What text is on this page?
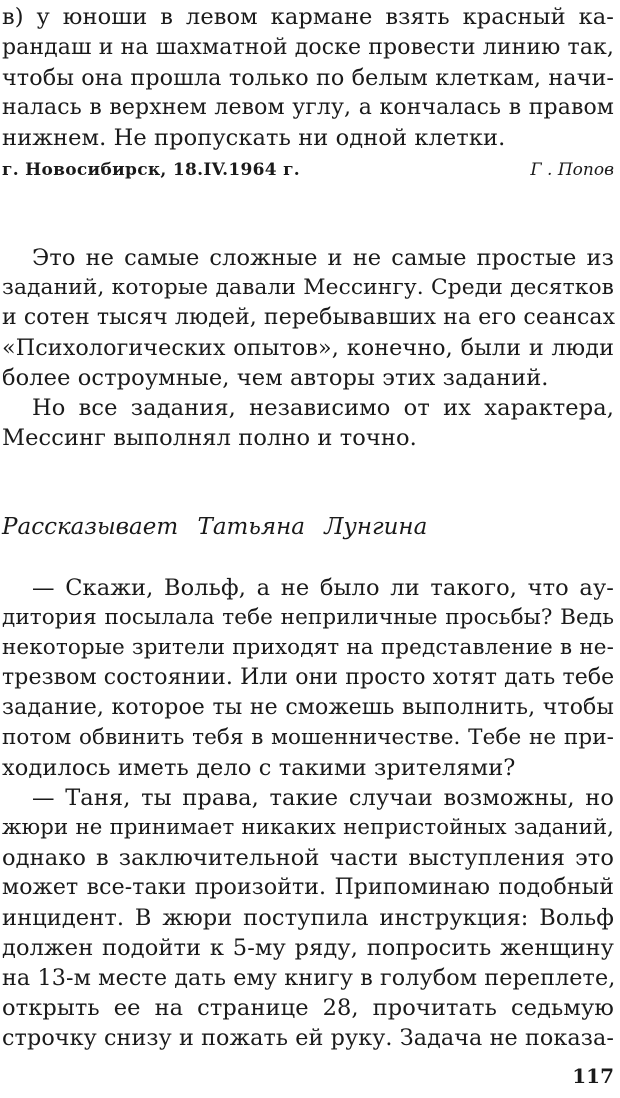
в) у юноши в левом кармане взять красный ка-
рандаш и на шахматной доске провести линию так,
чтобы она прошла только по белым клеткам, начи-
налась в верхнем левом углу, а кончалась в правом
нижнем. Не пропускать ни одной клетки.
г. Новосибирск, 18.IV.1964 г.	Г . Попов
Это не самые сложные и не самые простые из
заданий, которые давали Мессингу. Среди десятков
и сотен тысяч людей, перебывавших на его сеансах
«Психологических опытов», конечно, были и люди
более остроумные, чем авторы этих заданий.
Но все задания, независимо от их характера,
Мессинг выполнял полно и точно.
Рассказывает Татьяна Лунгина
— Скажи, Вольф, а не было ли такого, что ау-
дитория посылала тебе неприличные просьбы? Ведь
некоторые зрители приходят на представление в не-
трезвом состоянии. Или они просто хотят дать тебе
задание, которое ты не сможешь выполнить, чтобы
потом обвинить тебя в мошенничестве. Тебе не при-
ходилось иметь дело с такими зрителями?
— Таня, ты права, такие случаи возможны, но
жюри не принимает никаких непристойных заданий,
однако в заключительной части выступления это
может все-таки произойти. Припоминаю подобный
инцидент. В жюри поступила инструкция: Вольф
должен подойти к 5-му ряду, попросить женщину
на 13-м месте дать ему книгу в голубом переплете,
открыть ее на странице 28, прочитать седьмую
строчку снизу и пожать ей руку. Задача не показа-
117
